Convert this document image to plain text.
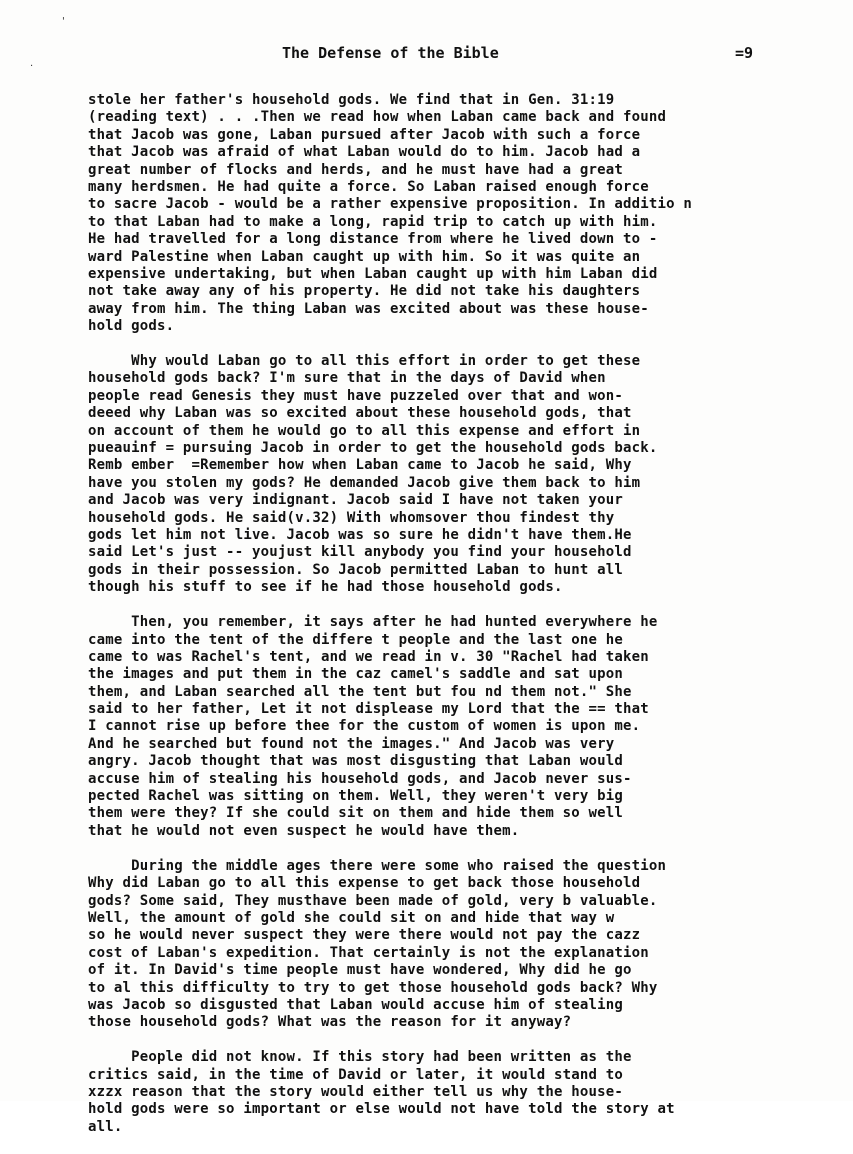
'
.
The Defense of the Bible	=9
stole her father's household gods. We find that in Gen. 31:19
(reading text) . . .Then we read how when Laban came back and found
that Jacob was gone, Laban pursued after Jacob with such a force
that Jacob was afraid of what Laban would do to him. Jacob had a
great number of flocks and herds, and he must have had a great
many herdsmen. He had quite a force. So Laban raised enough force
to sacre Jacob - would be a rather expensive proposition. In additio n
to that Laban had to make a long, rapid trip to catch up with him.
He had travelled for a long distance from where he lived down to -
ward Palestine when Laban caught up with him. So it was quite an
expensive undertaking, but when Laban caught up with him Laban did
not take away any of his property. He did not take his daughters
away from him. The thing Laban was excited about was these house-
hold gods.
Why would Laban go to all this effort in order to get these
household gods back? I'm sure that in the days of David when
people read Genesis they must have puzzeled over that and won-
deeed why Laban was so excited about these household gods, that
on account of them he would go to all this expense and effort in
pueauinf = pursuing Jacob in order to get the household gods back.
Remb ember  =Remember how when Laban came to Jacob he said, Why
have you stolen my gods? He demanded Jacob give them back to him
and Jacob was very indignant. Jacob said I have not taken your
household gods. He said(v.32) With whomsover thou findest thy
gods let him not live. Jacob was so sure he didn't have them.He
said Let's just -- youjust kill anybody you find your household
gods in their possession. So Jacob permitted Laban to hunt all
though his stuff to see if he had those household gods.
Then, you remember, it says after he had hunted everywhere he
came into the tent of the differe t people and the last one he
came to was Rachel's tent, and we read in v. 30 "Rachel had taken
the images and put them in the caz camel's saddle and sat upon
them, and Laban searched all the tent but fou nd them not." She
said to her father, Let it not displease my Lord that the == that
I cannot rise up before thee for the custom of women is upon me.
And he searched but found not the images." And Jacob was very
angry. Jacob thought that was most disgusting that Laban would
accuse him of stealing his household gods, and Jacob never sus-
pected Rachel was sitting on them. Well, they weren't very big
them were they? If she could sit on them and hide them so well
that he would not even suspect he would have them.
During the middle ages there were some who raised the question
Why did Laban go to all this expense to get back those household
gods? Some said, They musthave been made of gold, very b valuable.
Well, the amount of gold she could sit on and hide that way w
so he would never suspect they were there would not pay the cazz
cost of Laban's expedition. That certainly is not the explanation
of it. In David's time people must have wondered, Why did he go
to al this difficulty to try to get those household gods back? Why
was Jacob so disgusted that Laban would accuse him of stealing
those household gods? What was the reason for it anyway?
People did not know. If this story had been written as the
critics said, in the time of David or later, it would stand to
xzzx reason that the story would either tell us why the house-
hold gods were so important or else would not have told the story at
all.
